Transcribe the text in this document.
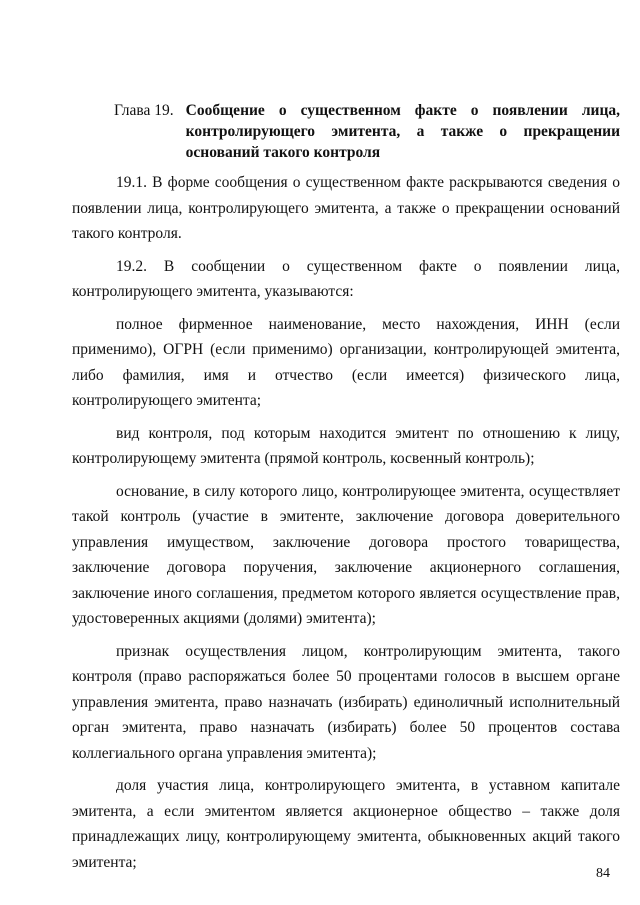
Глава 19. Сообщение о существенном факте о появлении лица, контролирующего эмитента, а также о прекращении оснований такого контроля

19.1. В форме сообщения о существенном факте раскрываются сведения о появлении лица, контролирующего эмитента, а также о прекращении оснований такого контроля.

19.2. В сообщении о существенном факте о появлении лица, контролирующего эмитента, указываются:

полное фирменное наименование, место нахождения, ИНН (если применимо), ОГРН (если применимо) организации, контролирующей эмитента, либо фамилия, имя и отчество (если имеется) физического лица, контролирующего эмитента;

вид контроля, под которым находится эмитент по отношению к лицу, контролирующему эмитента (прямой контроль, косвенный контроль);

основание, в силу которого лицо, контролирующее эмитента, осуществляет такой контроль (участие в эмитенте, заключение договора доверительного управления имуществом, заключение договора простого товарищества, заключение договора поручения, заключение акционерного соглашения, заключение иного соглашения, предметом которого является осуществление прав, удостоверенных акциями (долями) эмитента);

признак осуществления лицом, контролирующим эмитента, такого контроля (право распоряжаться более 50 процентами голосов в высшем органе управления эмитента, право назначать (избирать) единоличный исполнительный орган эмитента, право назначать (избирать) более 50 процентов состава коллегиального органа управления эмитента);

доля участия лица, контролирующего эмитента, в уставном капитале эмитента, а если эмитентом является акционерное общество – также доля принадлежащих лицу, контролирующему эмитента, обыкновенных акций такого эмитента;

84
